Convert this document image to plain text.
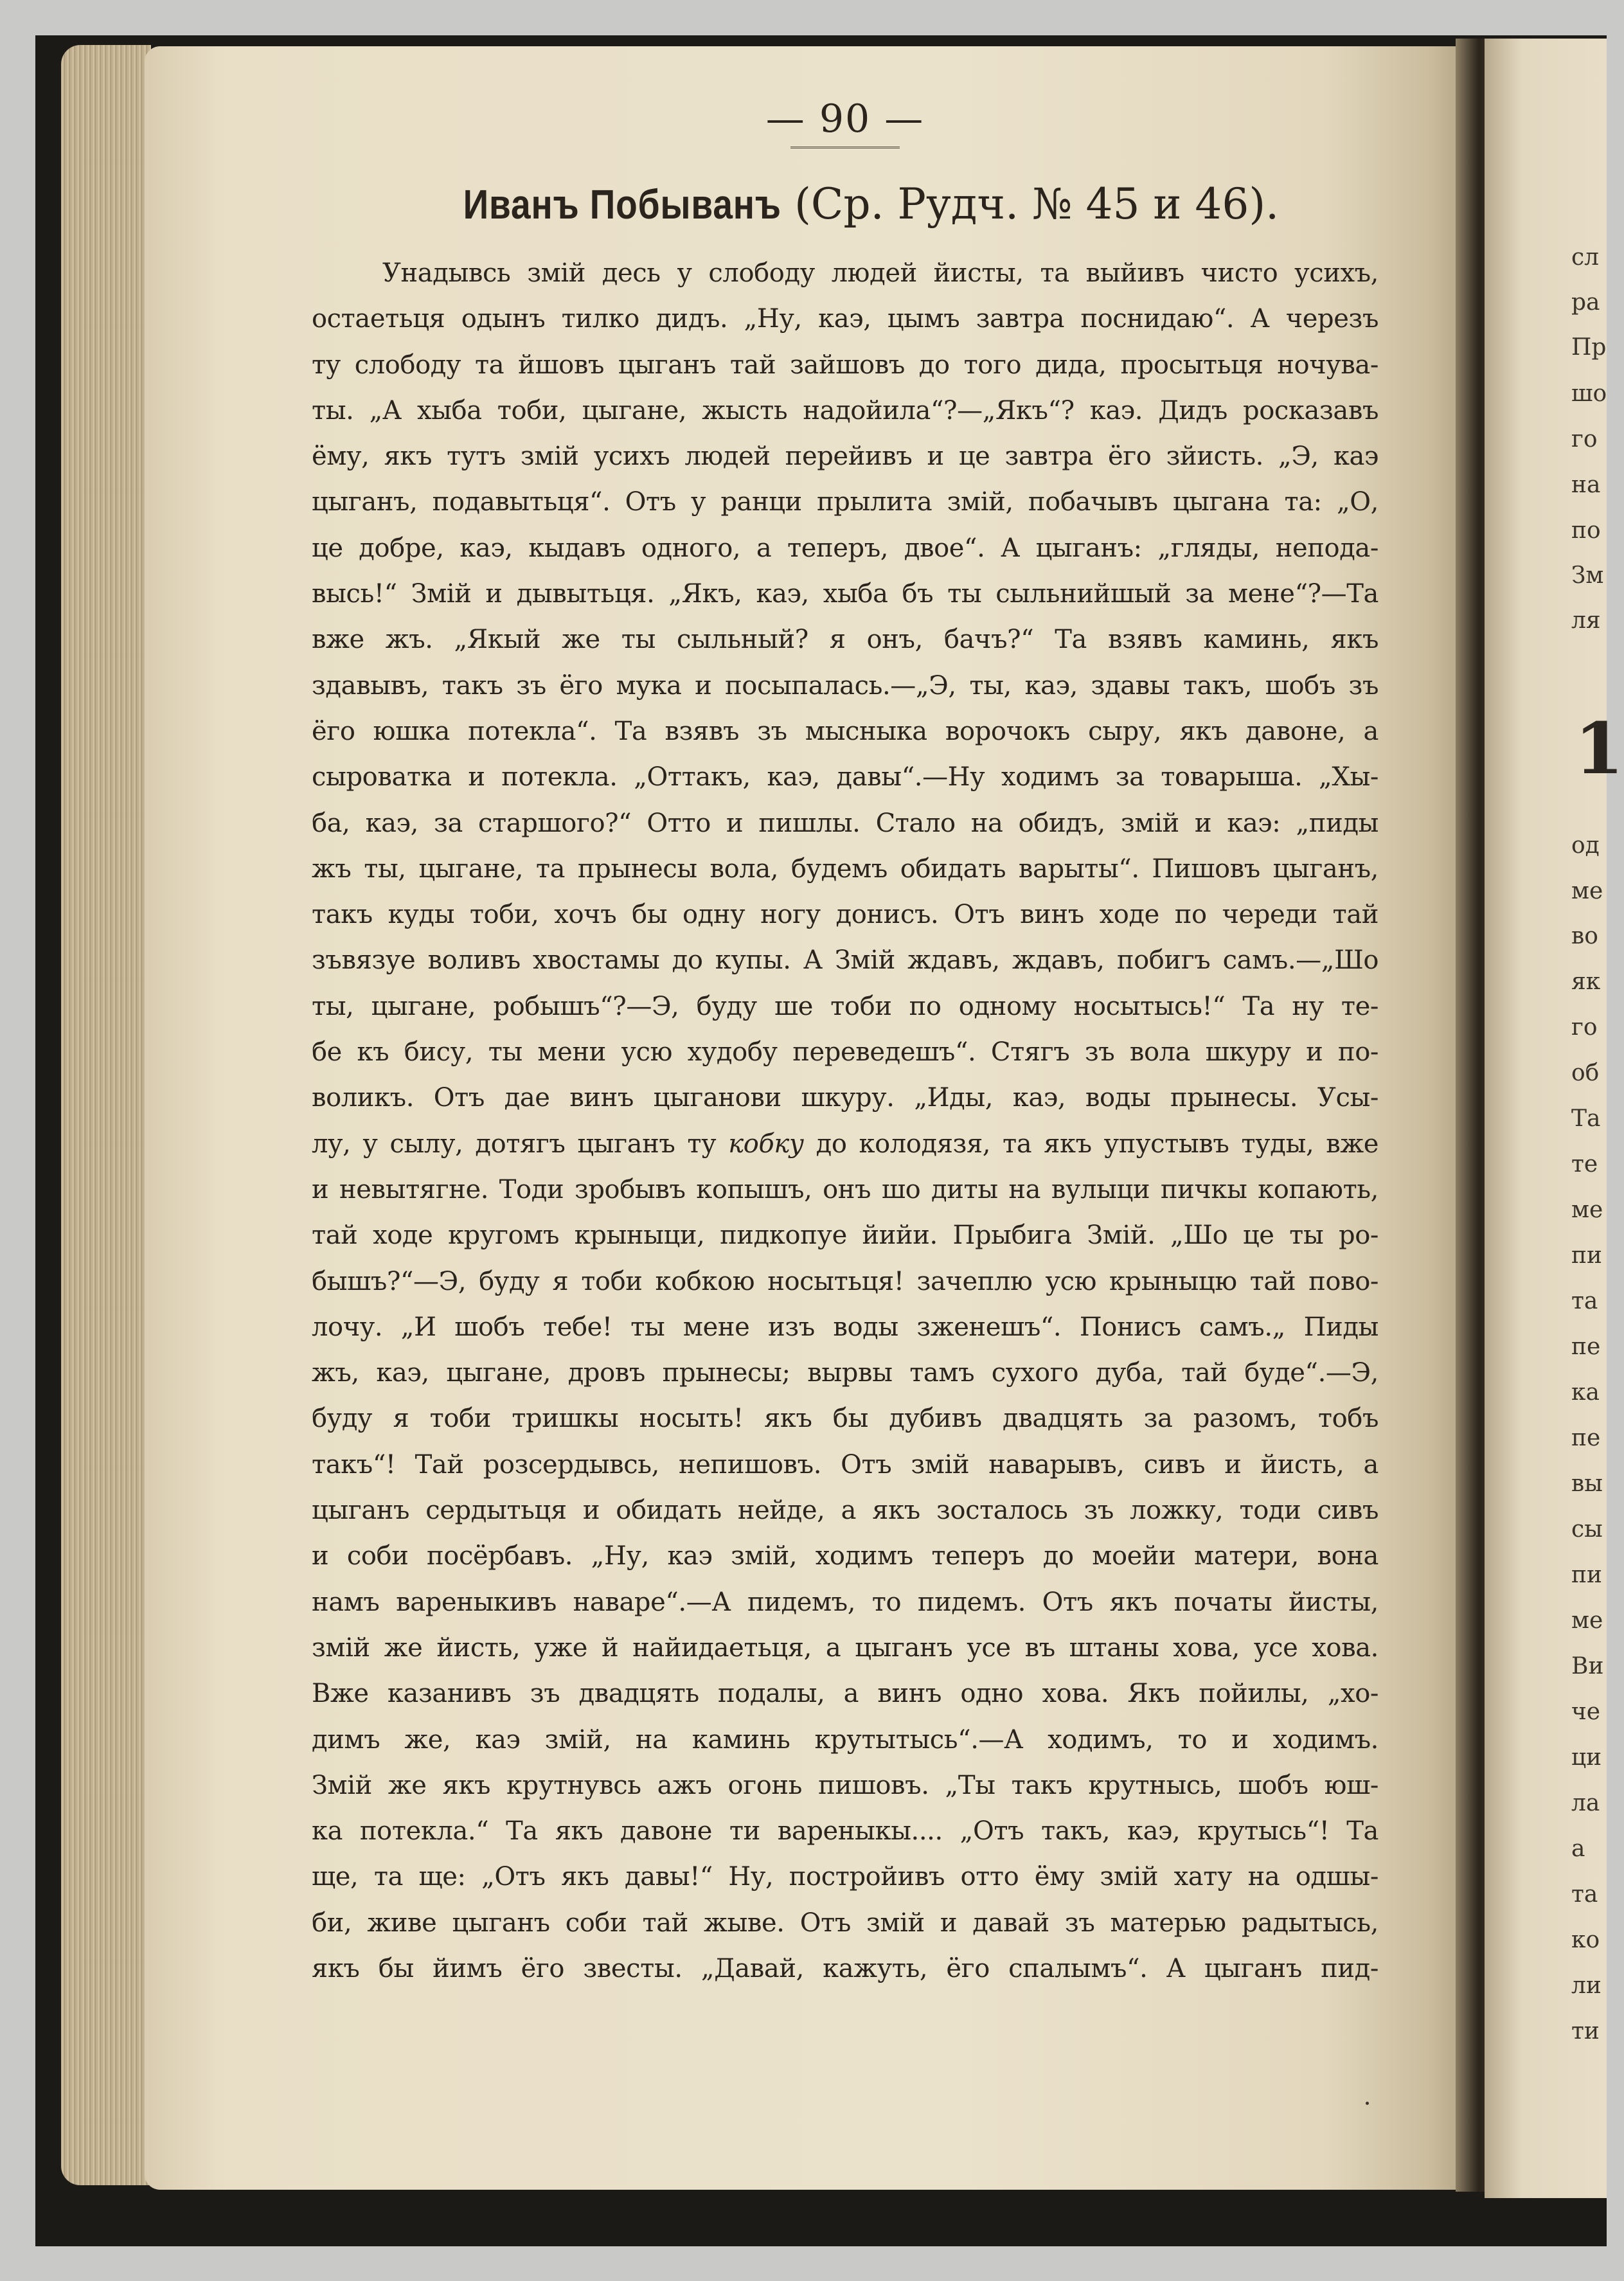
сл
ра
Пр
шо
го
на
по
Зм
ля
од
ме
во
як
го
об
Та
те
ме
пи
та
пе
ка
пе
вы
сы
пи
ме
Ви
че
ци
ла
а
та
ко
ли
ти
1
— 90 —
Иванъ Побыванъ (Ср. Рудч. № 45 и 46).
Унадывсь змій десь у слободу людей йисты, та выйивъ чисто усихъ,
остаетьця одынъ тилко дидъ. „Ну, каэ, цымъ завтра поснидаю“. А черезъ
ту слободу та йшовъ цыганъ тай зайшовъ до того дида, просытьця ночува-
ты. „А хыба тоби, цыгане, жысть надойила“?—„Якъ“? каэ. Дидъ росказавъ
ёму, якъ тутъ змій усихъ людей перейивъ и це завтра ёго зйисть. „Э, каэ
цыганъ, подавытьця“. Отъ у ранци прылита змій, побачывъ цыгана та: „О,
це добре, каэ, кыдавъ одного, а теперъ, двое“. А цыганъ: „гляды, неподa-
высь!“ Змій и дывытьця. „Якъ, каэ, хыба бъ ты сыльнийшый за мене“?—Та
вже жъ. „Якый же ты сыльный? я онъ, бачъ?“ Та взявъ каминь, якъ
здавывъ, такъ зъ ёго мука и посыпалась.—„Э, ты, каэ, здавы такъ, шобъ зъ
ёго юшка потекла“. Та взявъ зъ мысныка ворочокъ сыру, якъ давоне, а
сыроватка и потекла. „Оттакъ, каэ, давы“.—Ну ходимъ за товарыша. „Хы-
ба, каэ, за старшого?“ Отто и пишлы. Стало на обидъ, змій и каэ: „пиды
жъ ты, цыгане, та прынесы вола, будемъ обидать варыты“. Пишовъ цыганъ,
такъ куды тоби, хочъ бы одну ногу донисъ. Отъ винъ ходе по череди тай
зъвязуе воливъ хвостамы до купы. А Змій ждавъ, ждавъ, побигъ самъ.—„Шо
ты, цыгане, робышъ“?—Э, буду ше тоби по одному носытысь!“ Та ну те-
бе къ бису, ты мени усю худобу переведешъ“. Стягъ зъ вола шкуру и по-
воликъ. Отъ дае винъ цыганови шкуру. „Иды, каэ, воды прынесы. Усы-
лу, у сылу, дотягъ цыганъ ту кобку до колодязя, та якъ упустывъ туды, вже
и невытягне. Тоди зробывъ копышъ, онъ шо диты на вулыци пичкы копають,
тай ходе кругомъ крыныци, пидкопуе йийи. Прыбига Змій. „Шо це ты ро-
бышъ?“—Э, буду я тоби кобкою носытьця! зачеплю усю крыныцю тай пово-
лочу. „И шобъ тебе! ты мене изъ воды зженешъ“. Понисъ самъ.„ Пиды
жъ, каэ, цыгане, дровъ прынесы; вырвы тамъ сухого дуба, тай буде“.—Э,
буду я тоби тришкы носыть! якъ бы дубивъ двадцять за разомъ, тобъ
такъ“! Тай розсердывсь, непишовъ. Отъ змій наварывъ, сивъ и йисть, а
цыганъ сердытьця и обидать нейде, а якъ зосталось зъ ложку, тоди сивъ
и соби посёрбавъ. „Ну, каэ змій, ходимъ теперъ до моейи матери, вона
намъ вареныкивъ наваре“.—А пидемъ, то пидемъ. Отъ якъ початы йисты,
змій же йисть, уже й найидаетьця, а цыганъ усе въ штаны хова, усе хова.
Вже казанивъ зъ двадцять подалы, а винъ одно хова. Якъ пойилы, „хо-
димъ же, каэ змій, на каминь крутытысь“.—А ходимъ, то и ходимъ.
Змій же якъ крутнувсь ажъ огонь пишовъ. „Ты такъ крутнысь, шобъ юш-
ка потекла.“ Та якъ давоне ти вареныкы.... „Отъ такъ, каэ, крутысь“! Та
ще, та ще: „Отъ якъ давы!“ Ну, постройивъ отто ёму змій хату на одшы-
би, живе цыганъ соби тай жыве. Отъ змій и давай зъ матерью радытысь,
якъ бы йимъ ёго звесты. „Давай, кажуть, ёго спалымъ“. А цыганъ пид-
